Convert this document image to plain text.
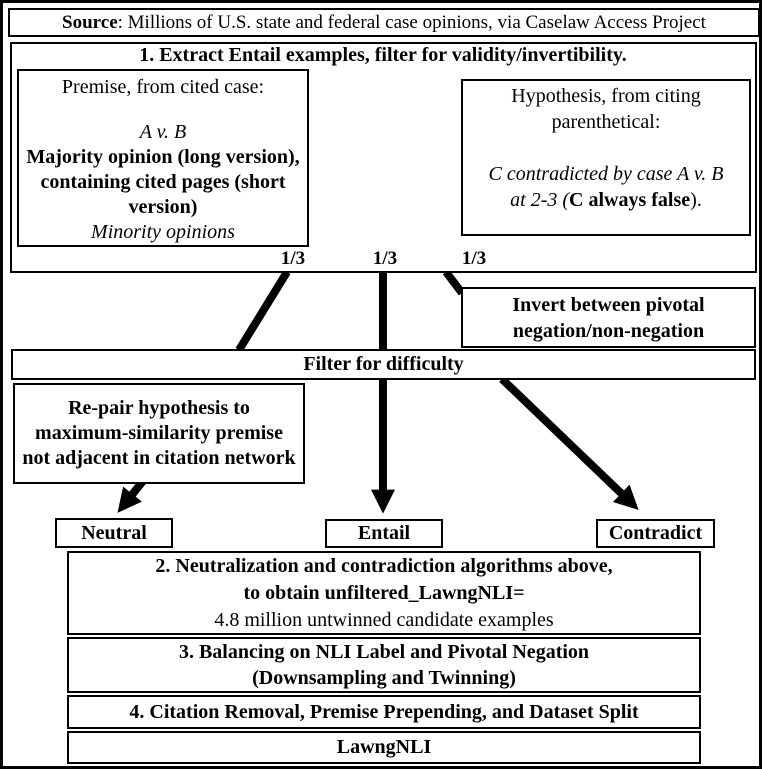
Source: Millions of U.S. state and federal case opinions, via Caselaw Access Project
1. Extract Entail examples, filter for validity/invertibility.
Premise, from cited case:
A v. B
Majority opinion (long version), containing cited pages (short version)
Minority opinions
Hypothesis, from citing parenthetical:
C contradicted by case A v. B at 2-3 (C always false).
1/3	1/3	1/3
Invert between pivotal negation/non-negation
Filter for difficulty
Re-pair hypothesis to maximum-similarity premise not adjacent in citation network
Neutral	Entail	Contradict
2. Neutralization and contradiction algorithms above,
to obtain unfiltered_LawngNLI=
4.8 million untwinned candidate examples
3. Balancing on NLI Label and Pivotal Negation
(Downsampling and Twinning)
4. Citation Removal, Premise Prepending, and Dataset Split
LawngNLI
